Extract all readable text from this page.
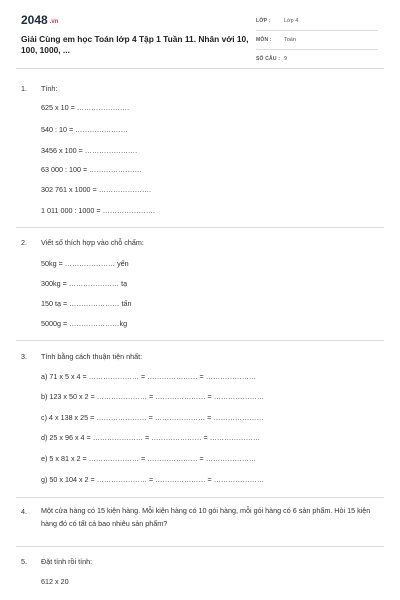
2048 .vn
Giải Cùng em học Toán lớp 4 Tập 1 Tuần 11. Nhân với 10, 100, 1000, ...
LỚP : Lớp 4
MÔN : Toán
SỐ CÂU : 9
1. Tính:
625 x 10 = ………………….
540 : 10 = ………………….
3456 x 100 = ………………….
63 000 : 100 = ………………….
302 761 x 1000 = ………………….
1 011 000 : 1000 = ………………….
2. Viết số thích hợp vào chỗ chấm:
50kg = ………………… yến
300kg = ………………… tạ
150 tạ = ………………… tấn
5000g = …………………kg
3. Tính bằng cách thuận tiện nhất:
a) 71 x 5 x 4 = ………………… = ………………… = …………………
b) 123 x 50 x 2 = ………………… = ………………… = …………………
c) 4 x 138 x 25 = ………………… = ………………… = …………………
d) 25 x 96 x 4 = ………………… = ………………… = …………………
e) 5 x 81 x 2 = ………………… = ………………… = …………………
g) 50 x 104 x 2 = ………………… = ………………… = …………………
4.	Một cửa hàng có 15 kiện hàng. Mỗi kiện hàng có 10 gói hàng, mỗi gói hàng có 6 sản phẩm. Hỏi 15 kiện hàng đó có tất cả bao nhiêu sản phẩm?
5. Đặt tính rồi tính:
612 x 20
